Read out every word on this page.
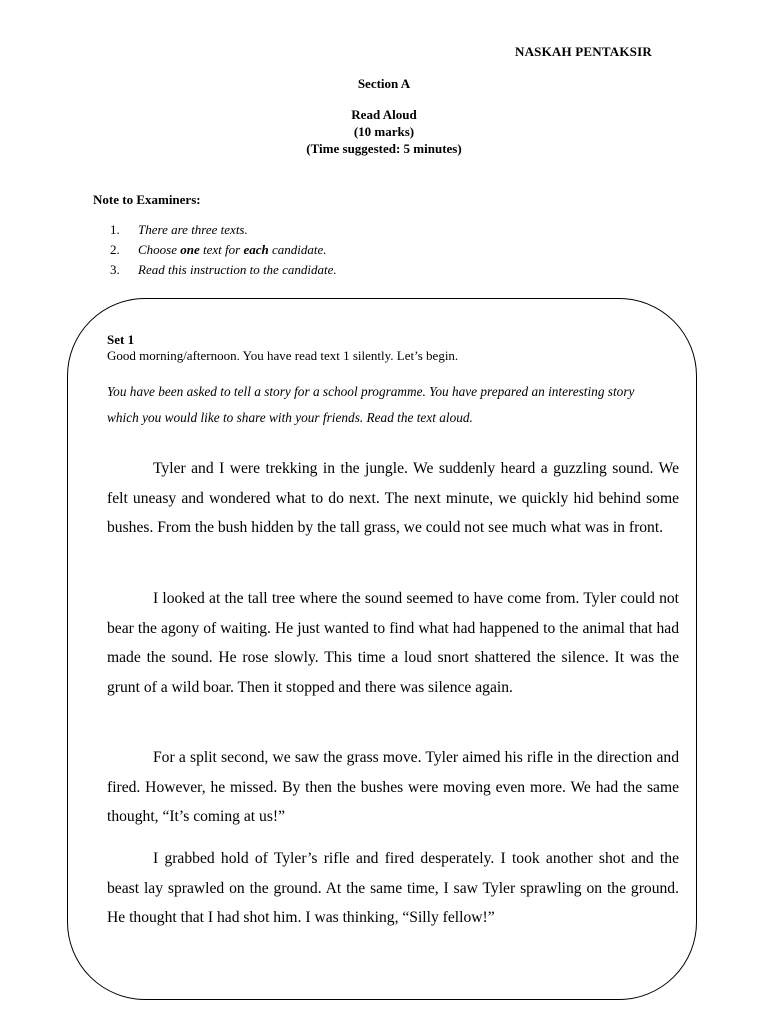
NASKAH PENTAKSIR
Section A
Read Aloud
(10 marks)
(Time suggested: 5 minutes)
Note to Examiners:
1. There are three texts.
2. Choose one text for each candidate.
3. Read this instruction to the candidate.
Set 1
Good morning/afternoon. You have read text 1 silently. Let’s begin.
You have been asked to tell a story for a school programme. You have prepared an interesting story which you would like to share with your friends. Read the text aloud.

Tyler and I were trekking in the jungle. We suddenly heard a guzzling sound. We felt uneasy and wondered what to do next. The next minute, we quickly hid behind some bushes. From the bush hidden by the tall grass, we could not see much what was in front.

I looked at the tall tree where the sound seemed to have come from. Tyler could not bear the agony of waiting. He just wanted to find what had happened to the animal that had made the sound. He rose slowly. This time a loud snort shattered the silence. It was the grunt of a wild boar. Then it stopped and there was silence again.

For a split second, we saw the grass move. Tyler aimed his rifle in the direction and fired. However, he missed. By then the bushes were moving even more. We had the same thought, “It’s coming at us!”

I grabbed hold of Tyler’s rifle and fired desperately. I took another shot and the beast lay sprawled on the ground. At the same time, I saw Tyler sprawling on the ground. He thought that I had shot him. I was thinking, “Silly fellow!”
